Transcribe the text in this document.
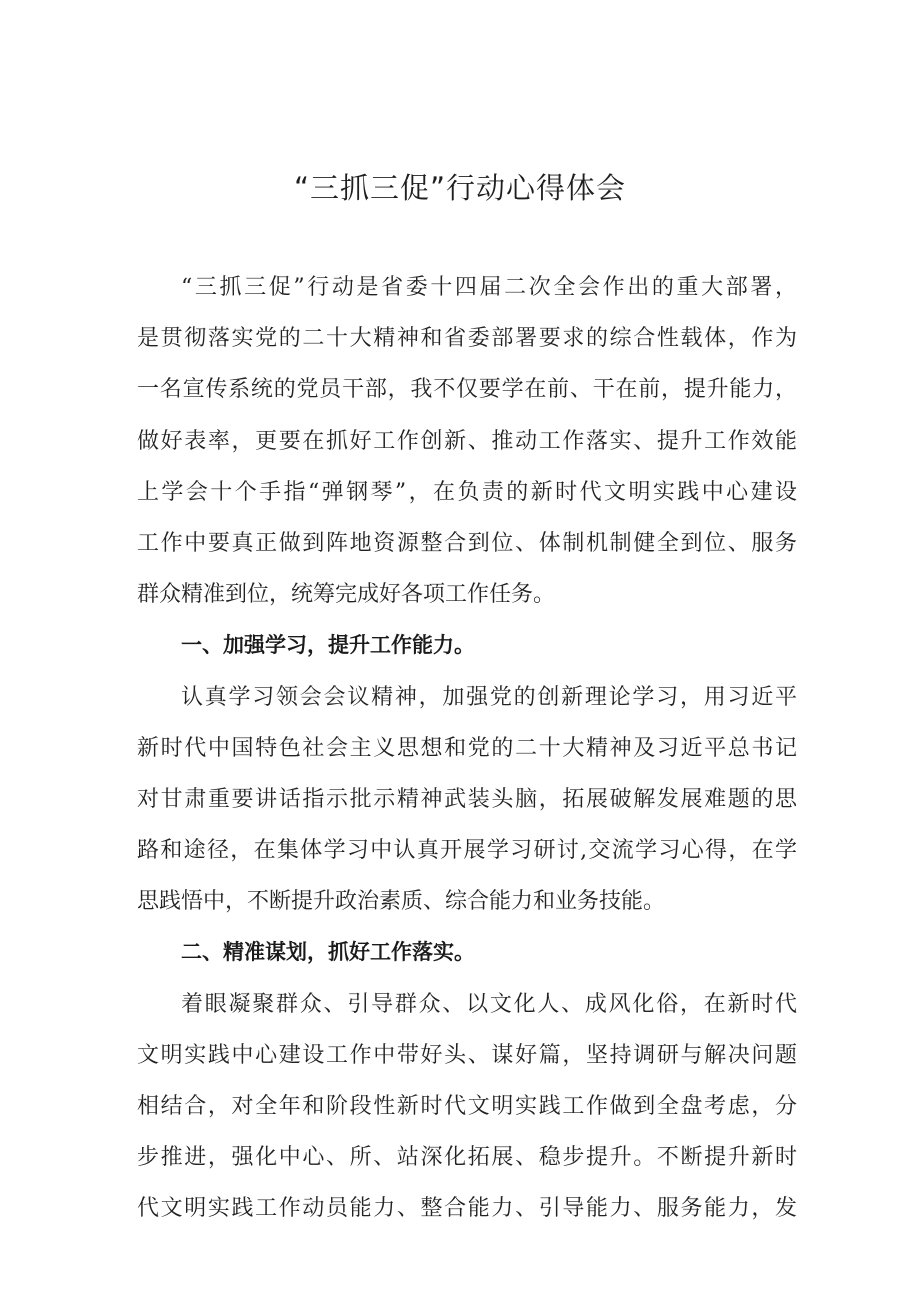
“三抓三促”行动心得体会
“三抓三促”行动是省委十四届二次全会作出的重大部署，
是贯彻落实党的二十大精神和省委部署要求的综合性载体，作为
一名宣传系统的党员干部，我不仅要学在前、干在前，提升能力，
做好表率，更要在抓好工作创新、推动工作落实、提升工作效能
上学会十个手指“弹钢琴”，在负责的新时代文明实践中心建设
工作中要真正做到阵地资源整合到位、体制机制健全到位、服务
群众精准到位，统筹完成好各项工作任务。
一、加强学习，提升工作能力。
认真学习领会会议精神，加强党的创新理论学习，用习近平
新时代中国特色社会主义思想和党的二十大精神及习近平总书记
对甘肃重要讲话指示批示精神武装头脑，拓展破解发展难题的思
路和途径，在集体学习中认真开展学习研讨,交流学习心得，在学
思践悟中，不断提升政治素质、综合能力和业务技能。
二、精准谋划，抓好工作落实。
着眼凝聚群众、引导群众、以文化人、成风化俗，在新时代
文明实践中心建设工作中带好头、谋好篇，坚持调研与解决问题
相结合，对全年和阶段性新时代文明实践工作做到全盘考虑，分
步推进，强化中心、所、站深化拓展、稳步提升。不断提升新时
代文明实践工作动员能力、整合能力、引导能力、服务能力，发
